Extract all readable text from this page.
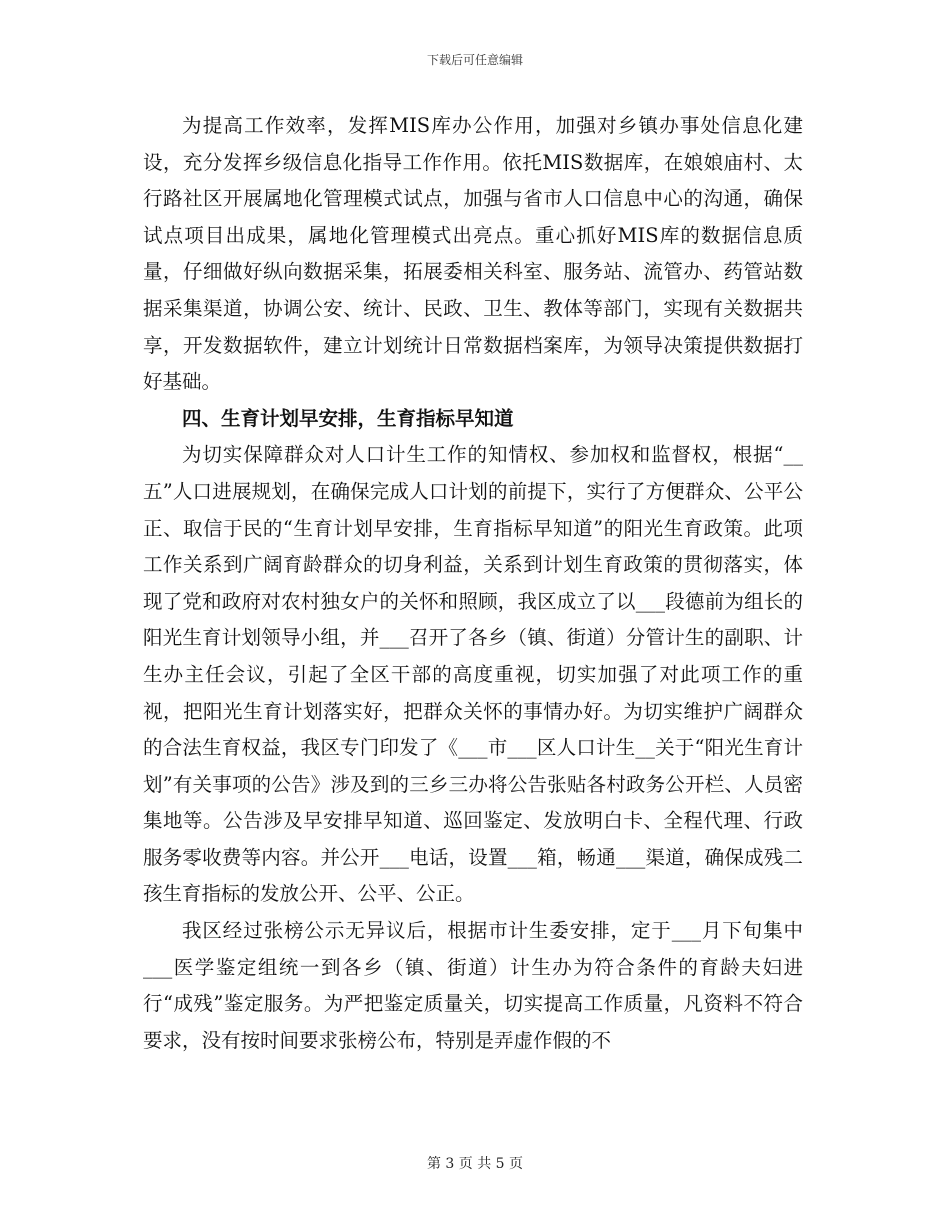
下载后可任意编辑

为提高工作效率，发挥MIS库办公作用，加强对乡镇办事处信息化建设，充分发挥乡级信息化指导工作作用。依托MIS数据库，在娘娘庙村、太行路社区开展属地化管理模式试点，加强与省市人口信息中心的沟通，确保试点项目出成果，属地化管理模式出亮点。重心抓好MIS库的数据信息质量，仔细做好纵向数据采集，拓展委相关科室、服务站、流管办、药管站数据采集渠道，协调公安、统计、民政、卫生、教体等部门，实现有关数据共享，开发数据软件，建立计划统计日常数据档案库，为领导决策提供数据打好基础。

四、生育计划早安排，生育指标早知道

为切实保障群众对人口计生工作的知情权、参加权和监督权，根据“__五”人口进展规划，在确保完成人口计划的前提下，实行了方便群众、公平公正、取信于民的“生育计划早安排，生育指标早知道”的阳光生育政策。此项工作关系到广阔育龄群众的切身利益，关系到计划生育政策的贯彻落实，体现了党和政府对农村独女户的关怀和照顾，我区成立了以___段德前为组长的阳光生育计划领导小组，并___召开了各乡（镇、街道）分管计生的副职、计生办主任会议，引起了全区干部的高度重视，切实加强了对此项工作的重视，把阳光生育计划落实好，把群众关怀的事情办好。为切实维护广阔群众的合法生育权益，我区专门印发了《___市___区人口计生__关于“阳光生育计划”有关事项的公告》涉及到的三乡三办将公告张贴各村政务公开栏、人员密集地等。公告涉及早安排早知道、巡回鉴定、发放明白卡、全程代理、行政服务零收费等内容。并公开___电话，设置___箱，畅通___渠道，确保成残二孩生育指标的发放公开、公平、公正。

我区经过张榜公示无异议后，根据市计生委安排，定于___月下旬集中___医学鉴定组统一到各乡（镇、街道）计生办为符合条件的育龄夫妇进行“成残”鉴定服务。为严把鉴定质量关，切实提高工作质量，凡资料不符合要求，没有按时间要求张榜公布，特别是弄虚作假的不

第 3 页 共 5 页
